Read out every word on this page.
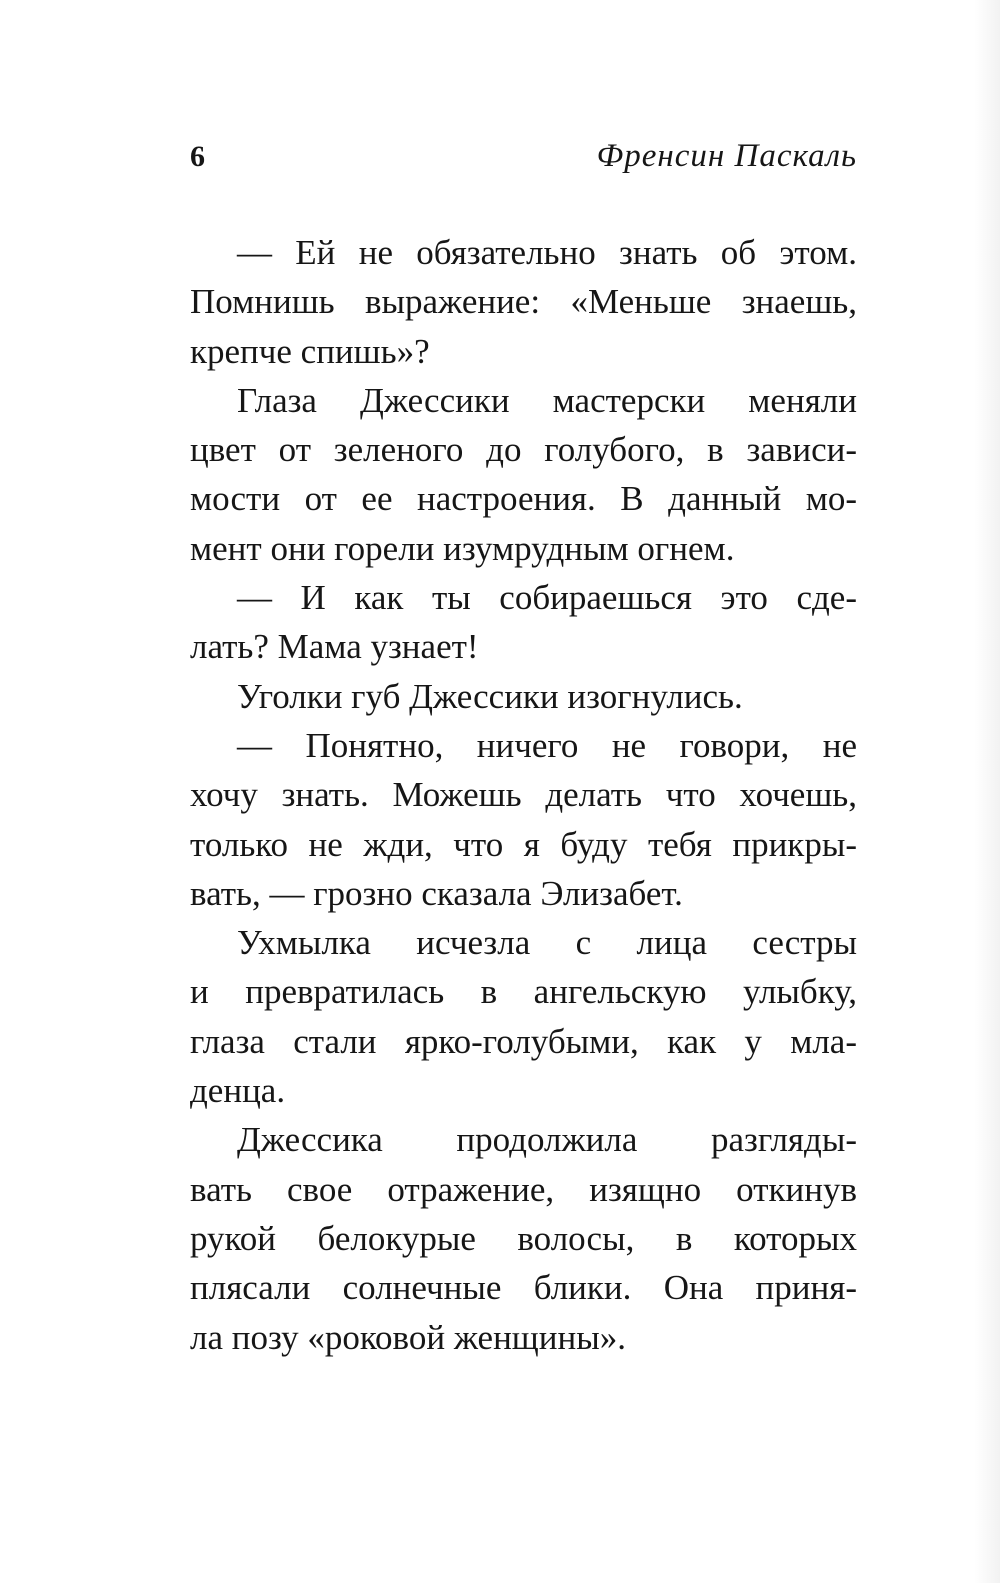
6	Френсин Паскаль
— Ей не обязательно знать об этом.
Помнишь выражение: «Меньше знаешь,
крепче спишь»?
Глаза Джессики мастерски меняли
цвет от зеленого до голубого, в зависи-
мости от ее настроения. В данный мо-
мент они горели изумрудным огнем.
— И как ты собираешься это сде-
лать? Мама узнает!
Уголки губ Джессики изогнулись.
— Понятно, ничего не говори, не
хочу знать. Можешь делать что хочешь,
только не жди, что я буду тебя прикры-
вать, — грозно сказала Элизабет.
Ухмылка исчезла с лица сестры
и превратилась в ангельскую улыбку,
глаза стали ярко-голубыми, как у мла-
денца.
Джессика продолжила разгляды-
вать свое отражение, изящно откинув
рукой белокурые волосы, в которых
плясали солнечные блики. Она приня-
ла позу «роковой женщины».
